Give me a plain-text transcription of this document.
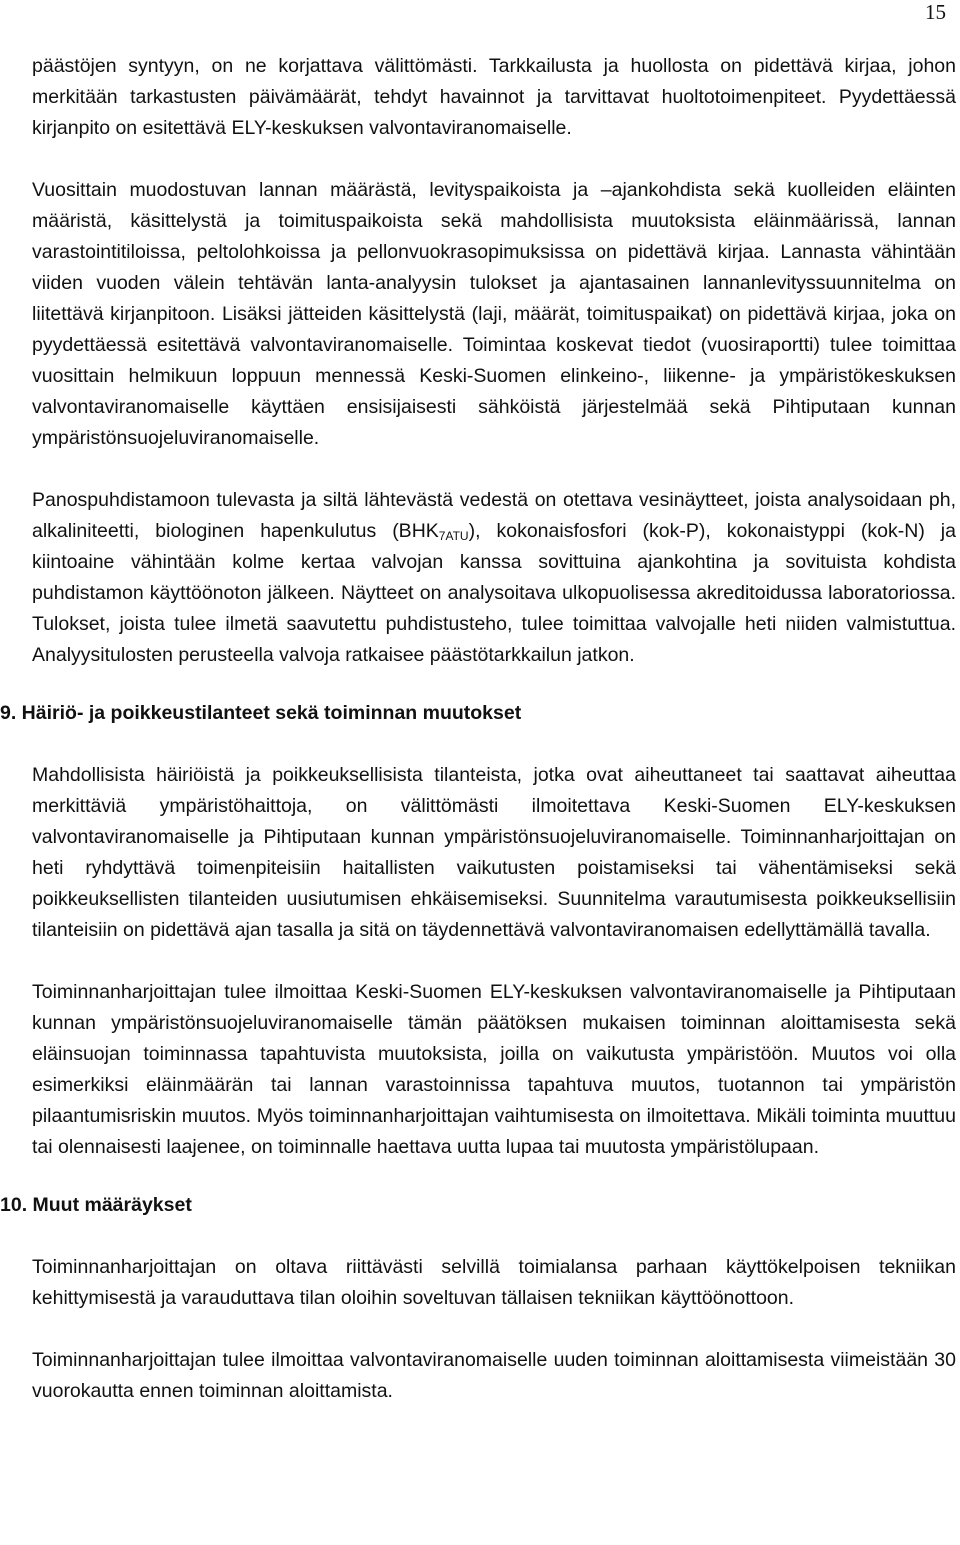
15

päästöjen syntyyn, on ne korjattava välittömästi. Tarkkailusta ja huollosta on pidettävä kirjaa, johon merkitään tarkastusten päivämäärät, tehdyt havainnot ja tarvittavat huoltotoimenpiteet. Pyydettäessä kirjanpito on esitettävä ELY-keskuksen valvontaviranomaiselle.

Vuosittain muodostuvan lannan määrästä, levityspaikoista ja –ajankohdista sekä kuolleiden eläinten määristä, käsittelystä ja toimituspaikoista sekä mahdollisista muutoksista eläinmäärissä, lannan varastointitiloissa, peltolohkoissa ja pellonvuokrasopimuksissa on pidettävä kirjaa. Lannasta vähintään viiden vuoden välein tehtävän lanta-analyysin tulokset ja ajantasainen lannanlevityssuunnitelma on liitettävä kirjanpitoon. Lisäksi jätteiden käsittelystä (laji, määrät, toimituspaikat) on pidettävä kirjaa, joka on pyydettäessä esitettävä valvontaviranomaiselle. Toimintaa koskevat tiedot (vuosiraportti) tulee toimittaa vuosittain helmikuun loppuun mennessä Keski-Suomen elinkeino-, liikenne- ja ympäristökeskuksen valvontaviranomaiselle käyttäen ensisijaisesti sähköistä järjestelmää sekä Pihtiputaan kunnan ympäristönsuojeluviranomaiselle.

Panospuhdistamoon tulevasta ja siltä lähtevästä vedestä on otettava vesinäytteet, joista analysoidaan ph, alkaliniteetti, biologinen hapenkulutus $(BHK_{7ATU})$, kokonaisfosfori (kok-P), kokonaistyppi (kok-N) ja kiintoaine vähintään kolme kertaa valvojan kanssa sovittuina ajankohtina ja sovituista kohdista puhdistamon käyttöönoton jälkeen. Näytteet on analysoitava ulkopuolisessa akreditoidussa laboratoriossa. Tulokset, joista tulee ilmetä saavutettu puhdistusteho, tulee toimittaa valvojalle heti niiden valmistuttua. Analyysitulosten perusteella valvoja ratkaisee päästötarkkailun jatkon.

9. Häiriö- ja poikkeustilanteet sekä toiminnan muutokset

Mahdollisista häiriöistä ja poikkeuksellisista tilanteista, jotka ovat aiheuttaneet tai saattavat aiheuttaa merkittäviä ympäristöhaittoja, on välittömästi ilmoitettava Keski-Suomen ELY-keskuksen valvontaviranomaiselle ja Pihtiputaan kunnan ympäristönsuojeluviranomaiselle. Toiminnanharjoittajan on heti ryhdyttävä toimenpiteisiin haitallisten vaikutusten poistamiseksi tai vähentämiseksi sekä poikkeuksellisten tilanteiden uusiutumisen ehkäisemiseksi. Suunnitelma varautumisesta poikkeuksellisiin tilanteisiin on pidettävä ajan tasalla ja sitä on täydennettävä valvontaviranomaisen edellyttämällä tavalla.

Toiminnanharjoittajan tulee ilmoittaa Keski-Suomen ELY-keskuksen valvontaviranomaiselle ja Pihtiputaan kunnan ympäristönsuojeluviranomaiselle tämän päätöksen mukaisen toiminnan aloittamisesta sekä eläinsuojan toiminnassa tapahtuvista muutoksista, joilla on vaikutusta ympäristöön. Muutos voi olla esimerkiksi eläinmäärän tai lannan varastoinnissa tapahtuva muutos, tuotannon tai ympäristön pilaantumisriskin muutos. Myös toiminnanharjoittajan vaihtumisesta on ilmoitettava. Mikäli toiminta muuttuu tai olennaisesti laajenee, on toiminnalle haettava uutta lupaa tai muutosta ympäristölupaan.

10. Muut määräykset

Toiminnanharjoittajan on oltava riittävästi selvillä toimialansa parhaan käyttökelpoisen tekniikan kehittymisestä ja varauduttava tilan oloihin soveltuvan tällaisen tekniikan käyttöönottoon.

Toiminnanharjoittajan tulee ilmoittaa valvontaviranomaiselle uuden toiminnan aloittamisesta viimeistään 30 vuorokautta ennen toiminnan aloittamista.
